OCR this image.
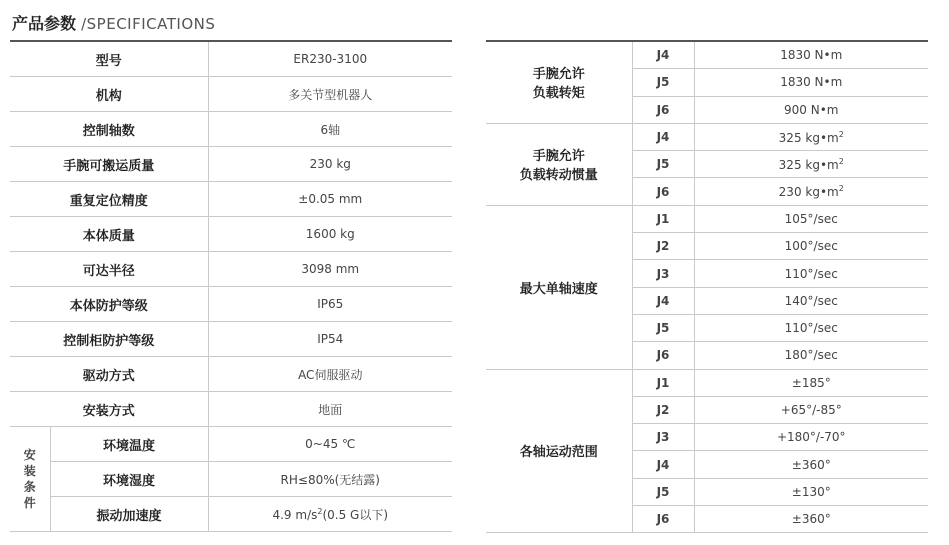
产品参数 /SPECIFICATIONS
型号		ER230-3100
机构		多关节型机器人
控制轴数		6轴
手腕可搬运质量		230 kg
重复定位精度		±0.05 mm
本体质量		1600 kg
可达半径		3098 mm
本体防护等级		IP65
控制柜防护等级		IP54
驱动方式		AC伺服驱动
安装方式		地面

安
装
条
件	环境温度	0~45 ℃
	环境湿度	RH≤80%(无结露)
	振动加速度	4.9 $m/s^2(0.5$ G以下)
手腕允许
负载转矩	J4	1830 N•m
	J5	1830 N•m
	J6	900 N•m

手腕允许
负载转动惯量	J4	325 $kg•m^2$
	J5	325 $kg•m^2$
	J6	230 $kg•m^2$

最大单轴速度	J1	105°/sec
	J2	100°/sec
	J3	110°/sec
	J4	140°/sec
	J5	110°/sec
	J6	180°/sec

各轴运动范围	J1	±185°
	J2	+65°/-85°
	J3	+180°/-70°
	J4	±360°
	J5	±130°
	J6	±360°
